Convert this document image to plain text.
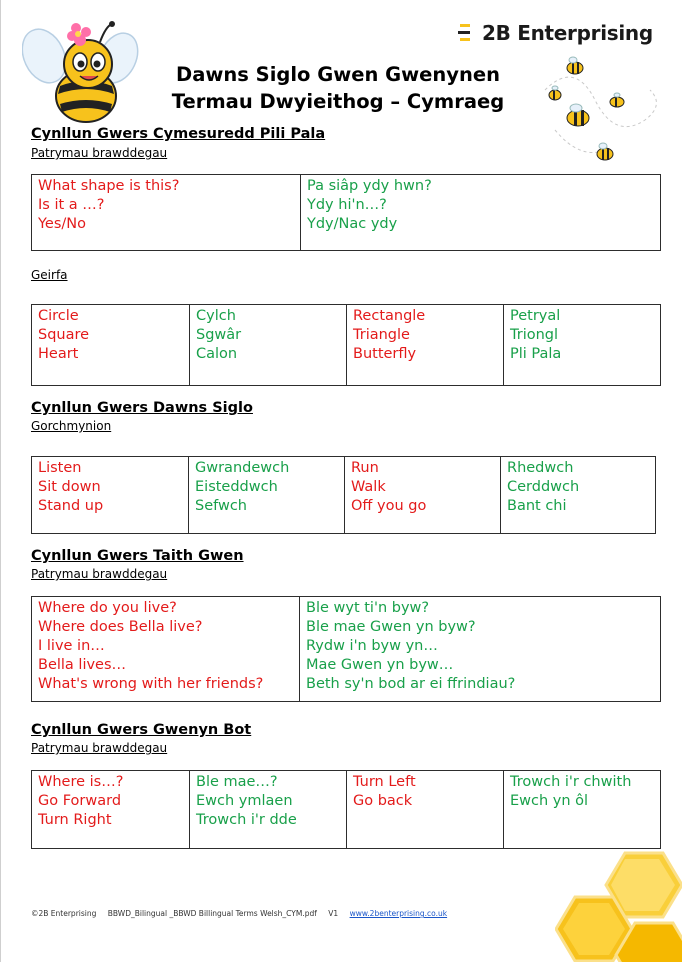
2B Enterprising
Dawns Siglo Gwen Gwenynen
Termau Dwyieithog – Cymraeg
Cynllun Gwers Cymesuredd Pili Pala
Patrymau brawddegau
What shape is this?
Is it a …?
Yes/No
Pa siâp ydy hwn?
Ydy hi'n…?
Ydy/Nac ydy
Geirfa
Circle
Square
Heart
Cylch
Sgwâr
Calon
Rectangle
Triangle
Butterfly
Petryal
Triongl
Pli Pala
Cynllun Gwers Dawns Siglo
Gorchmynion
Listen
Sit down
Stand up
Gwrandewch
Eisteddwch
Sefwch
Run
Walk
Off you go
Rhedwch
Cerddwch
Bant chi
Cynllun Gwers Taith Gwen
Patrymau brawddegau
Where do you live?
Where does Bella live?
I live in…
Bella lives…
What's wrong with her friends?
Ble wyt ti'n byw?
Ble mae Gwen yn byw?
Rydw i'n byw yn…
Mae Gwen yn byw…
Beth sy'n bod ar ei ffrindiau?
Cynllun Gwers Gwenyn Bot
Patrymau brawddegau
Where is…?
Go Forward
Turn Right
Ble mae…?
Ewch ymlaen
Trowch i'r dde
Turn Left
Go back
Trowch i'r chwith
Ewch yn ôl
©2B Enterprising BBWD_Bilingual _BBWD Billingual Terms Welsh_CYM.pdf V1 www.2benterprising.co.uk
